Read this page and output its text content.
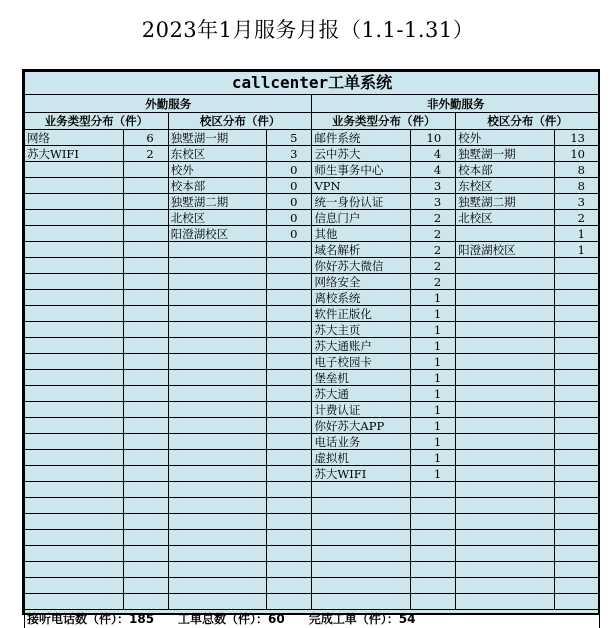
2023年1月服务月报（1.1-1.31）
callcenter工单系统							
外勤服务				非外勤服务			
业务类型分布（件）		校区分布（件）		业务类型分布（件）		校区分布（件）	
网络	6	独墅湖一期	5	邮件系统	10	校外	13
苏大WIFI	2	东校区	3	云中苏大	4	独墅湖一期	10
		校外	0	师生事务中心	4	校本部	8
		校本部	0	VPN	3	东校区	8
		独墅湖二期	0	统一身份认证	3	独墅湖二期	3
		北校区	0	信息门户	2	北校区	2
		阳澄湖校区	0	其他	2		1
				域名解析	2	阳澄湖校区	1
				你好苏大微信	2		
				网络安全	2		
				离校系统	1		
				软件正版化	1		
				苏大主页	1		
				苏大通账户	1		
				电子校园卡	1		
				堡垒机	1		
				苏大通	1		
				计费认证	1		
				你好苏大APP	1		
				电话业务	1		
				虚拟机	1		
				苏大WIFI	1		

接听电话数（件）：185　　工单总数（件）：60　　完成工单（件）：54							
